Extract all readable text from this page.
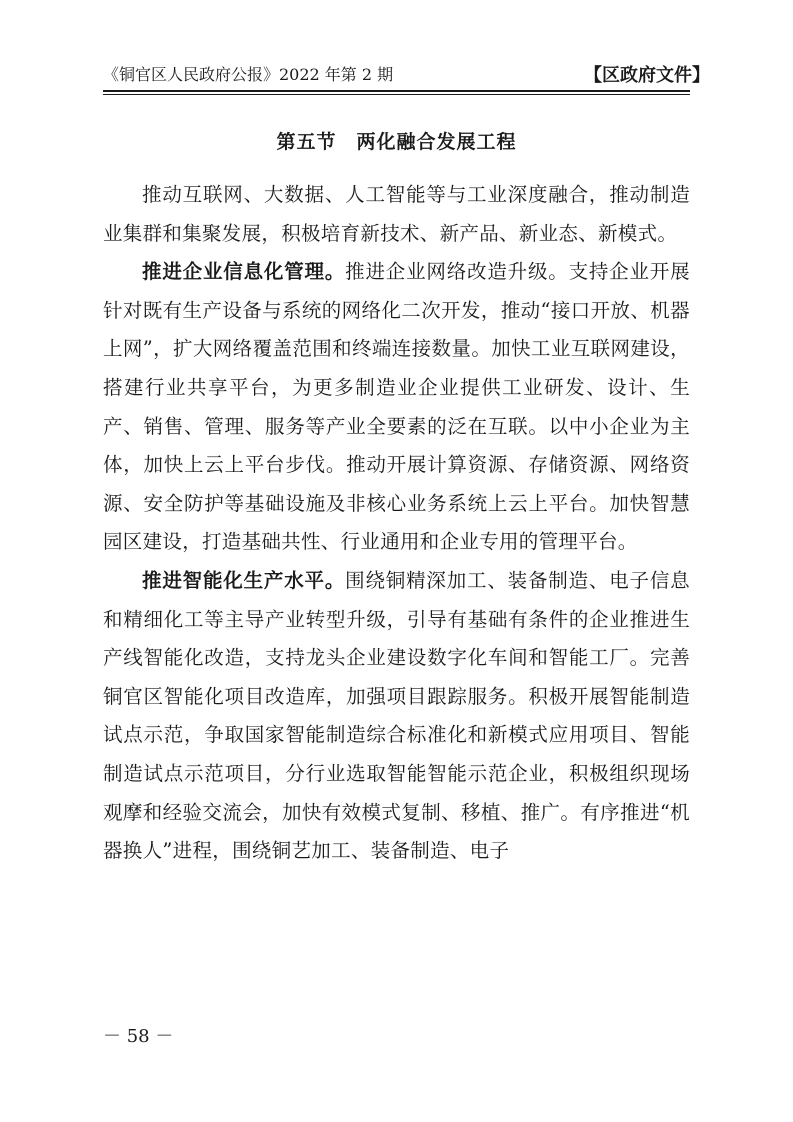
《铜官区人民政府公报》2022 年第 2 期	【区政府文件】
第五节　两化融合发展工程

推动互联网、大数据、人工智能等与工业深度融合，推动制造业集群和集聚发展，积极培育新技术、新产品、新业态、新模式。

推进企业信息化管理。推进企业网络改造升级。支持企业开展针对既有生产设备与系统的网络化二次开发，推动“接口开放、机器上网”，扩大网络覆盖范围和终端连接数量。加快工业互联网建设，搭建行业共享平台，为更多制造业企业提供工业研发、设计、生产、销售、管理、服务等产业全要素的泛在互联。以中小企业为主体，加快上云上平台步伐。推动开展计算资源、存储资源、网络资源、安全防护等基础设施及非核心业务系统上云上平台。加快智慧园区建设，打造基础共性、行业通用和企业专用的管理平台。

推进智能化生产水平。围绕铜精深加工、装备制造、电子信息和精细化工等主导产业转型升级，引导有基础有条件的企业推进生产线智能化改造，支持龙头企业建设数字化车间和智能工厂。完善铜官区智能化项目改造库，加强项目跟踪服务。积极开展智能制造试点示范，争取国家智能制造综合标准化和新模式应用项目、智能制造试点示范项目，分行业选取智能智能示范企业，积极组织现场观摩和经验交流会，加快有效模式复制、移植、推广。有序推进“机器换人”进程，围绕铜艺加工、装备制造、电子

－ 58 －
